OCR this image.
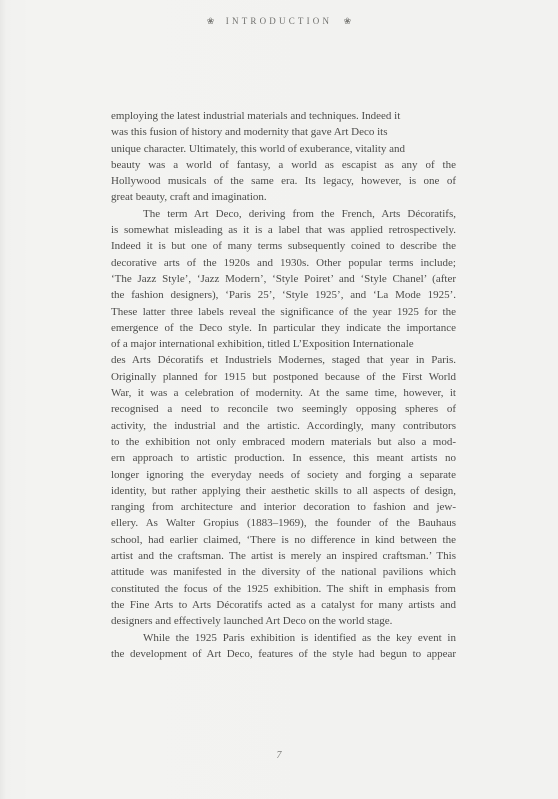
❀ INTRODUCTION ❀

employing the latest industrial materials and techniques. Indeed it
was this fusion of history and modernity that gave Art Deco its
unique character. Ultimately, this world of exuberance, vitality and
beauty was a world of fantasy, a world as escapist as any of the
Hollywood musicals of the same era. Its legacy, however, is one of
great beauty, craft and imagination.

The term Art Deco, deriving from the French, Arts Décoratifs,
is somewhat misleading as it is a label that was applied retrospectively.
Indeed it is but one of many terms subsequently coined to describe the
decorative arts of the 1920s and 1930s. Other popular terms include;
‘The Jazz Style’, ‘Jazz Modern’, ‘Style Poiret’ and ‘Style Chanel’ (after
the fashion designers), ‘Paris 25’, ‘Style 1925’, and ‘La Mode 1925’.
These latter three labels reveal the significance of the year 1925 for the
emergence of the Deco style. In particular they indicate the importance
of a major international exhibition, titled L’Exposition Internationale
des Arts Décoratifs et Industriels Modernes, staged that year in Paris.
Originally planned for 1915 but postponed because of the First World
War, it was a celebration of modernity. At the same time, however, it
recognised a need to reconcile two seemingly opposing spheres of
activity, the industrial and the artistic. Accordingly, many contributors
to the exhibition not only embraced modern materials but also a mod-
ern approach to artistic production. In essence, this meant artists no
longer ignoring the everyday needs of society and forging a separate
identity, but rather applying their aesthetic skills to all aspects of design,
ranging from architecture and interior decoration to fashion and jew-
ellery. As Walter Gropius (1883–1969), the founder of the Bauhaus
school, had earlier claimed, ‘There is no difference in kind between the
artist and the craftsman. The artist is merely an inspired craftsman.’ This
attitude was manifested in the diversity of the national pavilions which
constituted the focus of the 1925 exhibition. The shift in emphasis from
the Fine Arts to Arts Décoratifs acted as a catalyst for many artists and
designers and effectively launched Art Deco on the world stage.

While the 1925 Paris exhibition is identified as the key event in
the development of Art Deco, features of the style had begun to appear

7
